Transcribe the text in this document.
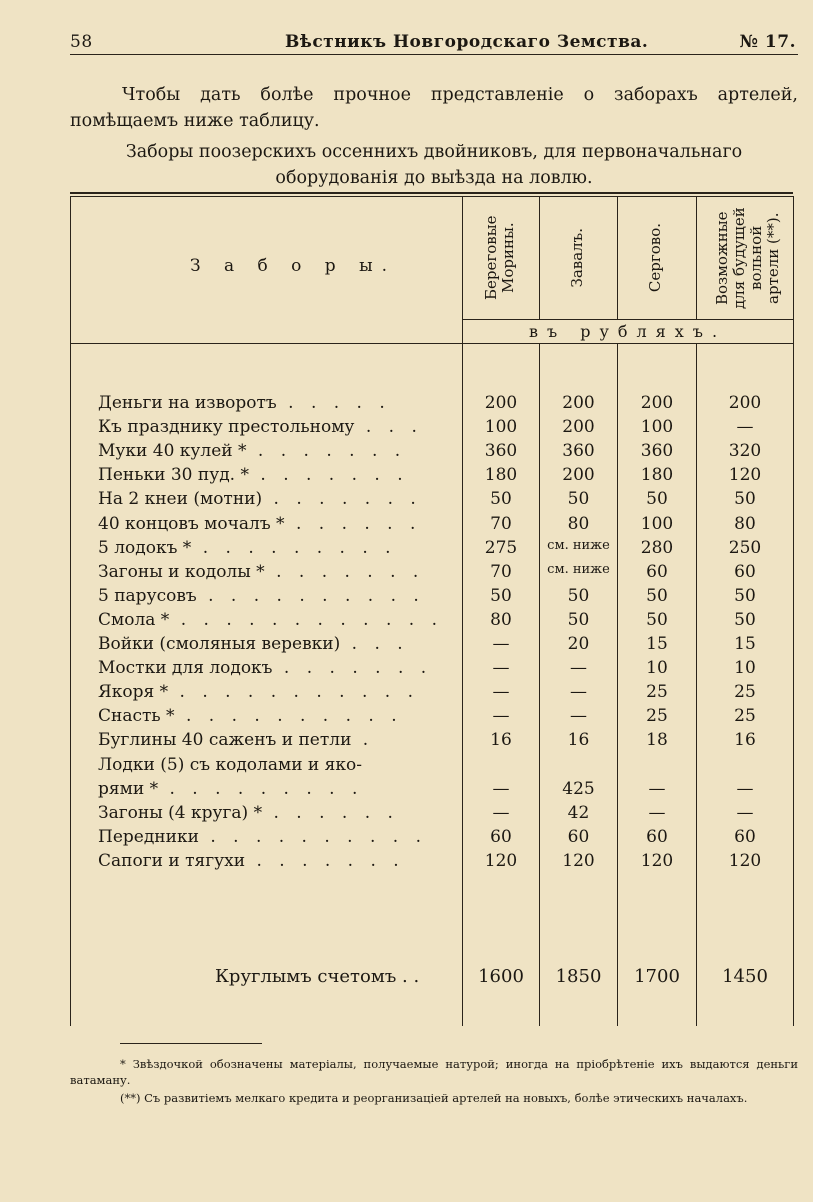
58	Вѣстникъ Новгородскаго Земства.	№ 17.
Чтобы дать болѣе прочное представленіе о заборахъ артелей, помѣщаемъ ниже таблицу.
Заборы поозерскихъ оссеннихъ двойниковъ, для первоначальнаго оборудованія до выѣзда на ловлю.
З а б о р ы.	Береговые Морины.	Завалъ.	Сергово.	Возможные для будущей вольной артели (**).
въ рубляхъ.
Деньги на изворотъ . . . . .	200	200	200	200
Къ празднику престольному . . .	100	200	100	—
Муки 40 кулей * . . . . . . .	360	360	360	320
Пеньки 30 пуд. * . . . . . . .	180	200	180	120
На 2 кнеи (мотни) . . . . . . .	50	50	50	50
40 концовъ мочалъ * . . . . . .	70	80	100	80
5 лодокъ * . . . . . . . . .	275	см. ниже	280	250
Загоны и кодолы * . . . . . . .	70	см. ниже	60	60
5 парусовъ . . . . . . . . . .	50	50	50	50
Смола * . . . . . . . . . . . .	80	50	50	50
Войки (смоляныя веревки) . . .	—	20	15	15
Мостки для лодокъ . . . . . . .	—	—	10	10
Якоря * . . . . . . . . . . .	—	—	25	25
Снасть * . . . . . . . . . .	—	—	25	25
Буглины 40 саженъ и петли .	16	16	18	16
Лодки (5) съ кодолами и яко-
рями * . . . . . . . . .	—	425	—	—
Загоны (4 круга) * . . . . . .	—	42	—	—
Передники . . . . . . . . . .	60	60	60	60
Сапоги и тягухи . . . . . . .	120	120	120	120
Круглымъ счетомъ . .	1600	1850	1700	1450
* Звѣздочкой обозначены матеріалы, получаемые натурой; иногда на пріобрѣтеніе ихъ выдаются деньги ватаману.
(**) Съ развитіемъ мелкаго кредита и реорганизаціей артелей на новыхъ, болѣе этическихъ началахъ.
